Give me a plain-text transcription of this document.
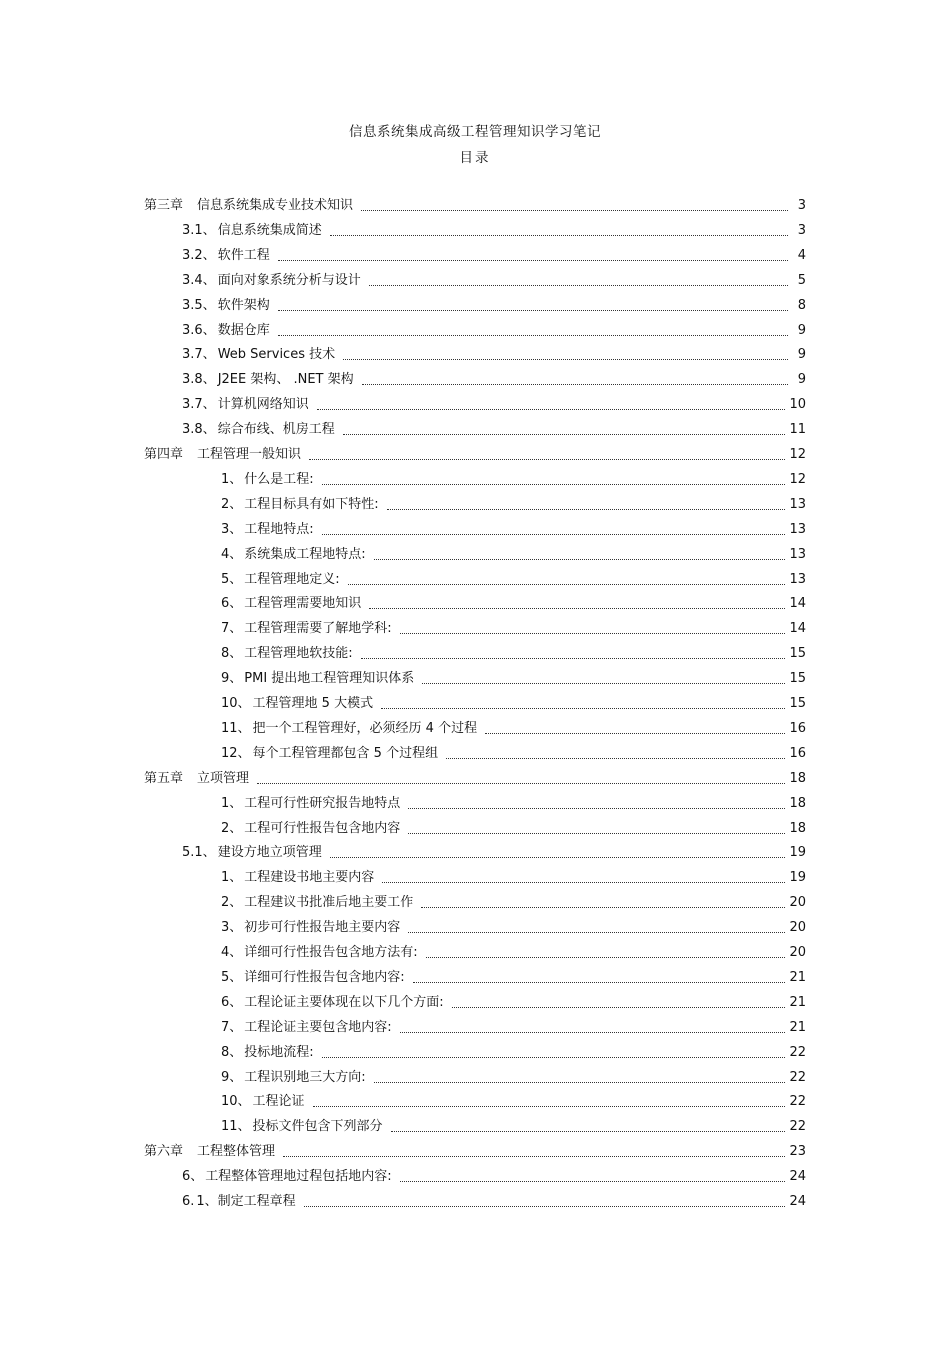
信息系统集成高级工程管理知识学习笔记
目录
第三章 信息系统集成专业技术知识	3
3.1、 信息系统集成简述	3
3.2、 软件工程	4
3.4、 面向对象系统分析与设计	5
3.5、 软件架构	8
3.6、 数据仓库	9
3.7、 Web Services 技术	9
3.8、 J2EE 架构、 .NET 架构	9
3.7、 计算机网络知识	10
3.8、 综合布线、机房工程	11
第四章 工程管理一般知识	12
1、 什么是工程:	12
2、 工程目标具有如下特性:	13
3、 工程地特点:	13
4、 系统集成工程地特点:	13
5、 工程管理地定义:	13
6、 工程管理需要地知识	14
7、 工程管理需要了解地学科:	14
8、 工程管理地软技能:	15
9、 PMI 提出地工程管理知识体系	15
10、 工程管理地 5 大模式	15
11、 把一个工程管理好，必须经历 4 个过程	16
12、 每个工程管理都包含 5 个过程组	16
第五章 立项管理	18
1、 工程可行性研究报告地特点	18
2、 工程可行性报告包含地内容	18
5.1、 建设方地立项管理	19
1、 工程建设书地主要内容	19
2、 工程建议书批准后地主要工作	20
3、 初步可行性报告地主要内容	20
4、 详细可行性报告包含地方法有:	20
5、 详细可行性报告包含地内容:	21
6、 工程论证主要体现在以下几个方面:	21
7、 工程论证主要包含地内容:	21
8、 投标地流程:	22
9、 工程识别地三大方向:	22
10、 工程论证	22
11、 投标文件包含下列部分	22
第六章 工程整体管理	23
6、 工程整体管理地过程包括地内容:	24
6. 1、制定工程章程	24
